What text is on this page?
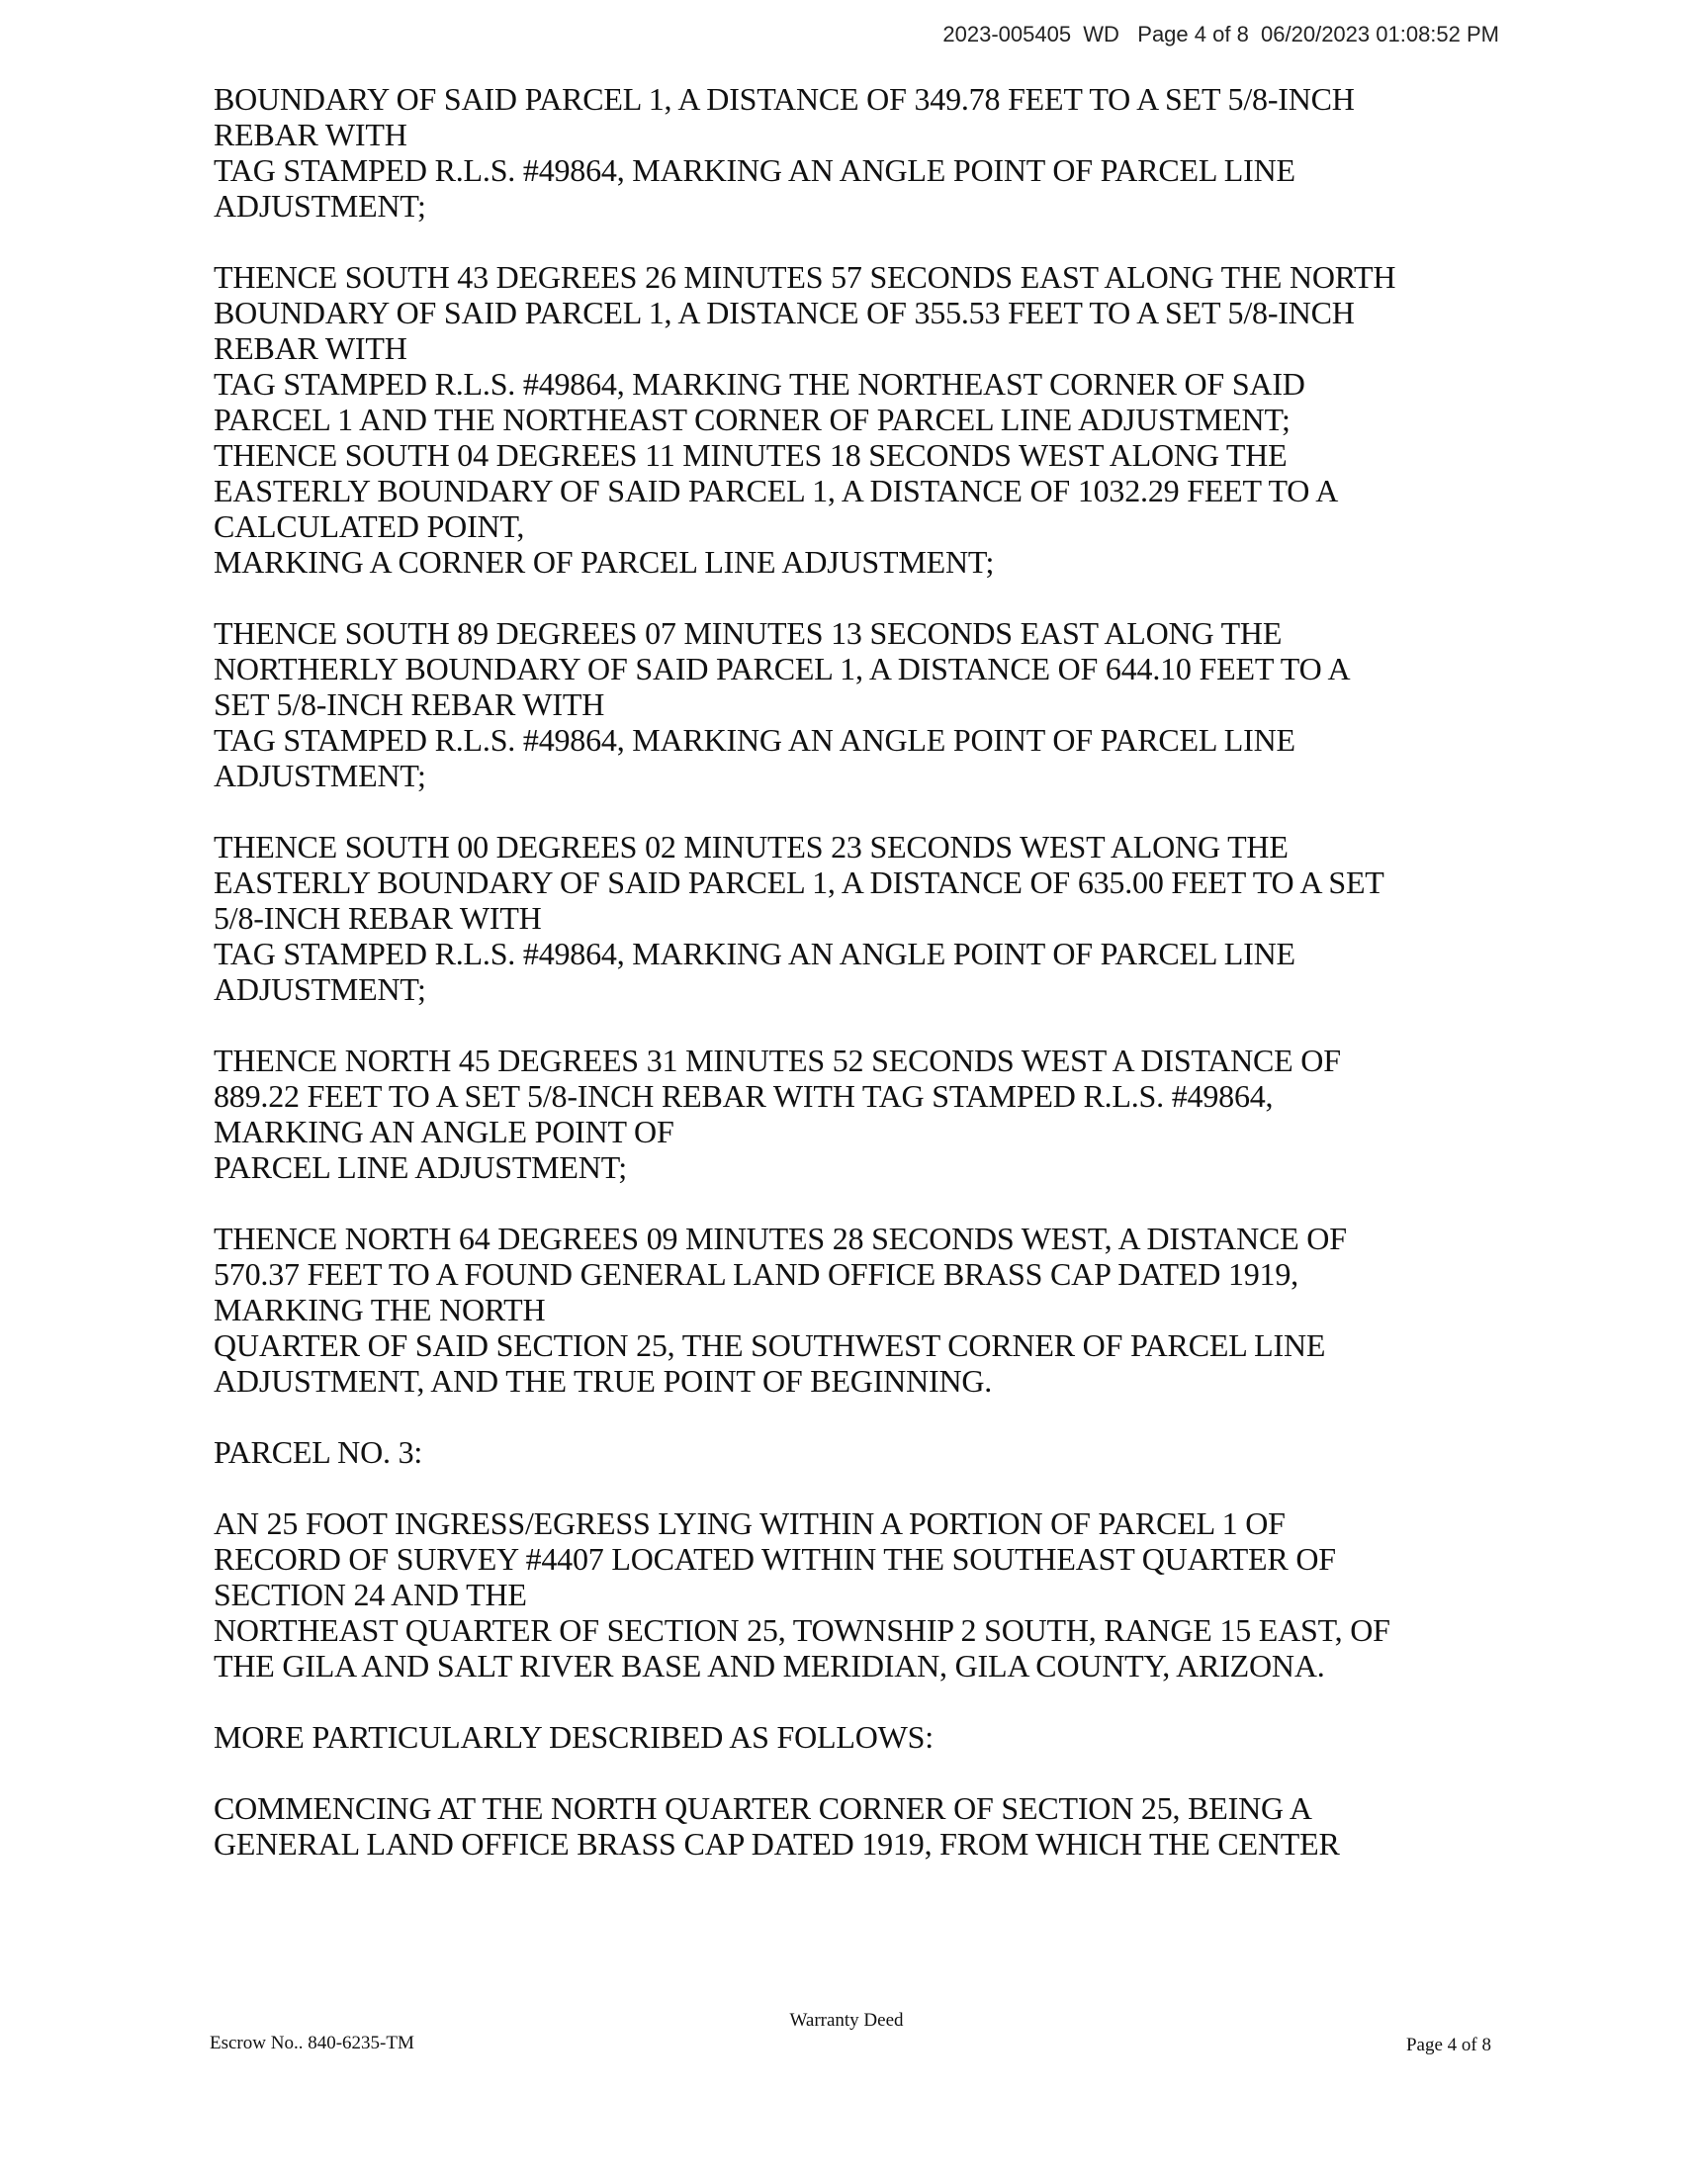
2023-005405  WD   Page 4 of 8  06/20/2023 01:08:52 PM
BOUNDARY OF SAID PARCEL 1, A DISTANCE OF 349.78 FEET TO A SET 5/8-INCH
REBAR WITH
TAG STAMPED R.L.S. #49864, MARKING AN ANGLE POINT OF PARCEL LINE
ADJUSTMENT;
THENCE SOUTH 43 DEGREES 26 MINUTES 57 SECONDS EAST ALONG THE NORTH
BOUNDARY OF SAID PARCEL 1, A DISTANCE OF 355.53 FEET TO A SET 5/8-INCH
REBAR WITH
TAG STAMPED R.L.S. #49864, MARKING THE NORTHEAST CORNER OF SAID
PARCEL 1 AND THE NORTHEAST CORNER OF PARCEL LINE ADJUSTMENT;
THENCE SOUTH 04 DEGREES 11 MINUTES 18 SECONDS WEST ALONG THE
EASTERLY BOUNDARY OF SAID PARCEL 1, A DISTANCE OF 1032.29 FEET TO A
CALCULATED POINT,
MARKING A CORNER OF PARCEL LINE ADJUSTMENT;
THENCE SOUTH 89 DEGREES 07 MINUTES 13 SECONDS EAST ALONG THE
NORTHERLY BOUNDARY OF SAID PARCEL 1, A DISTANCE OF 644.10 FEET TO A
SET 5/8-INCH REBAR WITH
TAG STAMPED R.L.S. #49864, MARKING AN ANGLE POINT OF PARCEL LINE
ADJUSTMENT;
THENCE SOUTH 00 DEGREES 02 MINUTES 23 SECONDS WEST ALONG THE
EASTERLY BOUNDARY OF SAID PARCEL 1, A DISTANCE OF 635.00 FEET TO A SET
5/8-INCH REBAR WITH
TAG STAMPED R.L.S. #49864, MARKING AN ANGLE POINT OF PARCEL LINE
ADJUSTMENT;
THENCE NORTH 45 DEGREES 31 MINUTES 52 SECONDS WEST A DISTANCE OF
889.22 FEET TO A SET 5/8-INCH REBAR WITH TAG STAMPED R.L.S. #49864,
MARKING AN ANGLE POINT OF
PARCEL LINE ADJUSTMENT;
THENCE NORTH 64 DEGREES 09 MINUTES 28 SECONDS WEST, A DISTANCE OF
570.37 FEET TO A FOUND GENERAL LAND OFFICE BRASS CAP DATED 1919,
MARKING THE NORTH
QUARTER OF SAID SECTION 25, THE SOUTHWEST CORNER OF PARCEL LINE
ADJUSTMENT, AND THE TRUE POINT OF BEGINNING.
PARCEL NO. 3:
AN 25 FOOT INGRESS/EGRESS LYING WITHIN A PORTION OF PARCEL 1 OF
RECORD OF SURVEY #4407 LOCATED WITHIN THE SOUTHEAST QUARTER OF
SECTION 24 AND THE
NORTHEAST QUARTER OF SECTION 25, TOWNSHIP 2 SOUTH, RANGE 15 EAST, OF
THE GILA AND SALT RIVER BASE AND MERIDIAN, GILA COUNTY, ARIZONA.
MORE PARTICULARLY DESCRIBED AS FOLLOWS:
COMMENCING AT THE NORTH QUARTER CORNER OF SECTION 25, BEING A
GENERAL LAND OFFICE BRASS CAP DATED 1919, FROM WHICH THE CENTER
Warranty Deed
Escrow No.. 840-6235-TM	Page 4 of 8
